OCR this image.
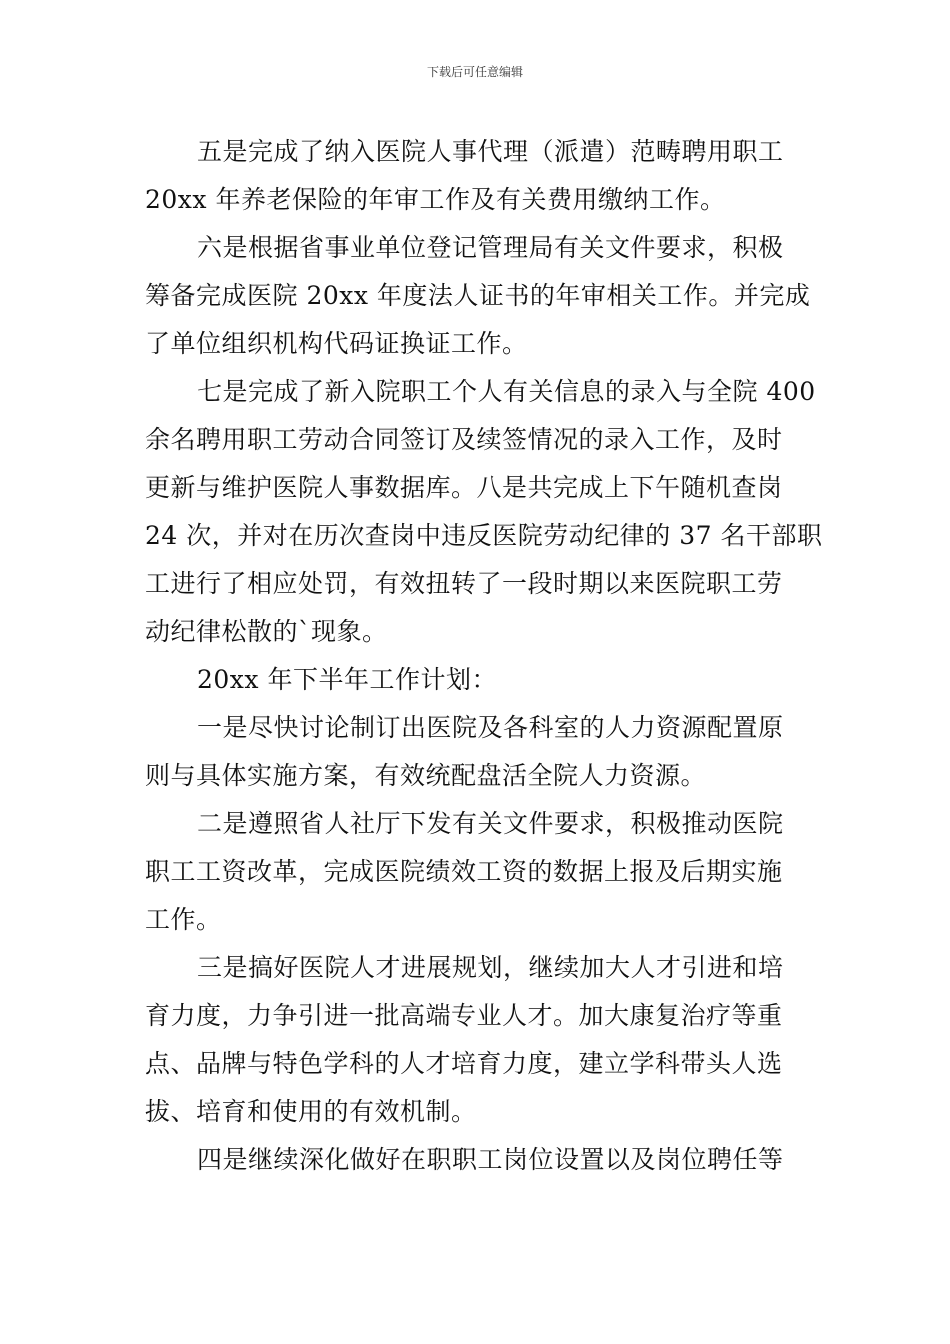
下载后可任意编辑
五是完成了纳入医院人事代理（派遣）范畴聘用职工
20xx 年养老保险的年审工作及有关费用缴纳工作。
六是根据省事业单位登记管理局有关文件要求，积极
筹备完成医院 20xx 年度法人证书的年审相关工作。并完成
了单位组织机构代码证换证工作。
七是完成了新入院职工个人有关信息的录入与全院 400
余名聘用职工劳动合同签订及续签情况的录入工作，及时
更新与维护医院人事数据库。八是共完成上下午随机查岗
24 次，并对在历次查岗中违反医院劳动纪律的 37 名干部职
工进行了相应处罚，有效扭转了一段时期以来医院职工劳
动纪律松散的`现象。
20xx 年下半年工作计划：
一是尽快讨论制订出医院及各科室的人力资源配置原
则与具体实施方案，有效统配盘活全院人力资源。
二是遵照省人社厅下发有关文件要求，积极推动医院
职工工资改革，完成医院绩效工资的数据上报及后期实施
工作。
三是搞好医院人才进展规划，继续加大人才引进和培
育力度，力争引进一批高端专业人才。加大康复治疗等重
点、品牌与特色学科的人才培育力度，建立学科带头人选
拔、培育和使用的有效机制。
四是继续深化做好在职职工岗位设置以及岗位聘任等
